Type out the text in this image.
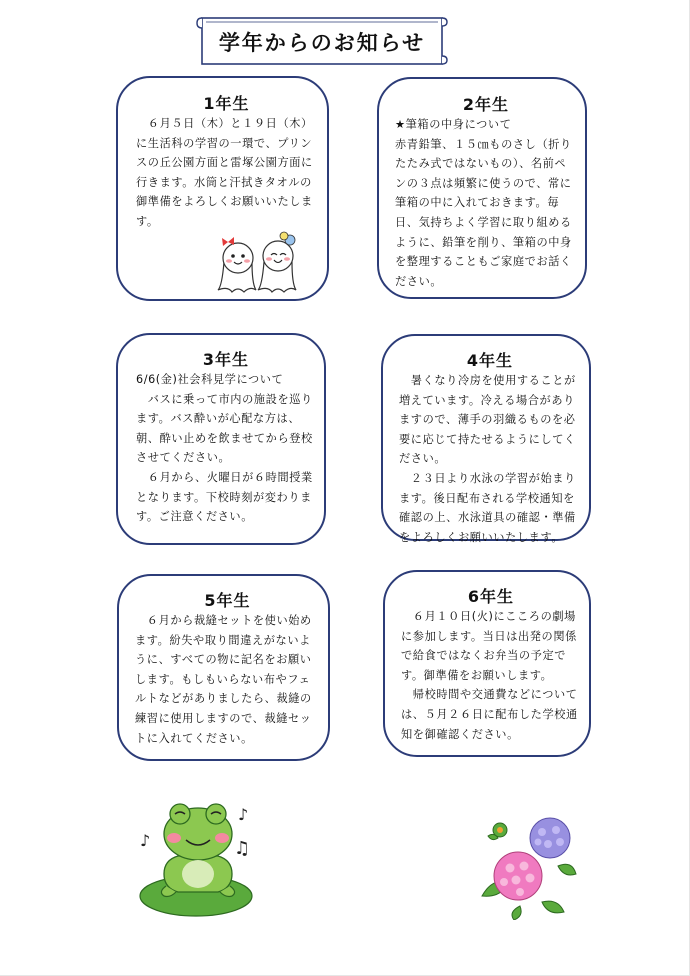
学年からのお知らせ
1年生

　６月５日（木）と１９日（木）に生活科の学習の一環で、プリンスの丘公園方面と雷塚公園方面に行きます。水筒と汗拭きタオルの御準備をよろしくお願いいたします。

2年生

★筆箱の中身について
赤青鉛筆、１５㎝ものさし（折りたたみ式ではないもの）、名前ペンの３点は頻繁に使うので、常に筆箱の中に入れておきます。毎日、気持ちよく学習に取り組めるように、鉛筆を削り、筆箱の中身を整理することもご家庭でお話ください。

3年生

6/6(金)社会科見学について
　バスに乗って市内の施設を巡ります。バス酔いが心配な方は、朝、酔い止めを飲ませてから登校させてください。
　６月から、火曜日が６時間授業となります。下校時刻が変わります。ご注意ください。

4年生

　暑くなり冷房を使用することが増えています。冷える場合がありますので、薄手の羽織るものを必要に応じて持たせるようにしてください。
　２３日より水泳の学習が始まります。後日配布される学校通知を確認の上、水泳道具の確認・準備をよろしくお願いいたします。

5年生

　６月から裁縫セットを使い始めます。紛失や取り間違えがないように、すべての物に記名をお願いします。もしもいらない布やフェルトなどがありましたら、裁縫の練習に使用しますので、裁縫セットに入れてください。

6年生

　６月１０日(火)にこころの劇場に参加します。当日は出発の関係で給食ではなくお弁当の予定です。御準備をお願いします。
　帰校時間や交通費などについては、５月２６日に配布した学校通知を御確認ください。

♪
♪
♫
